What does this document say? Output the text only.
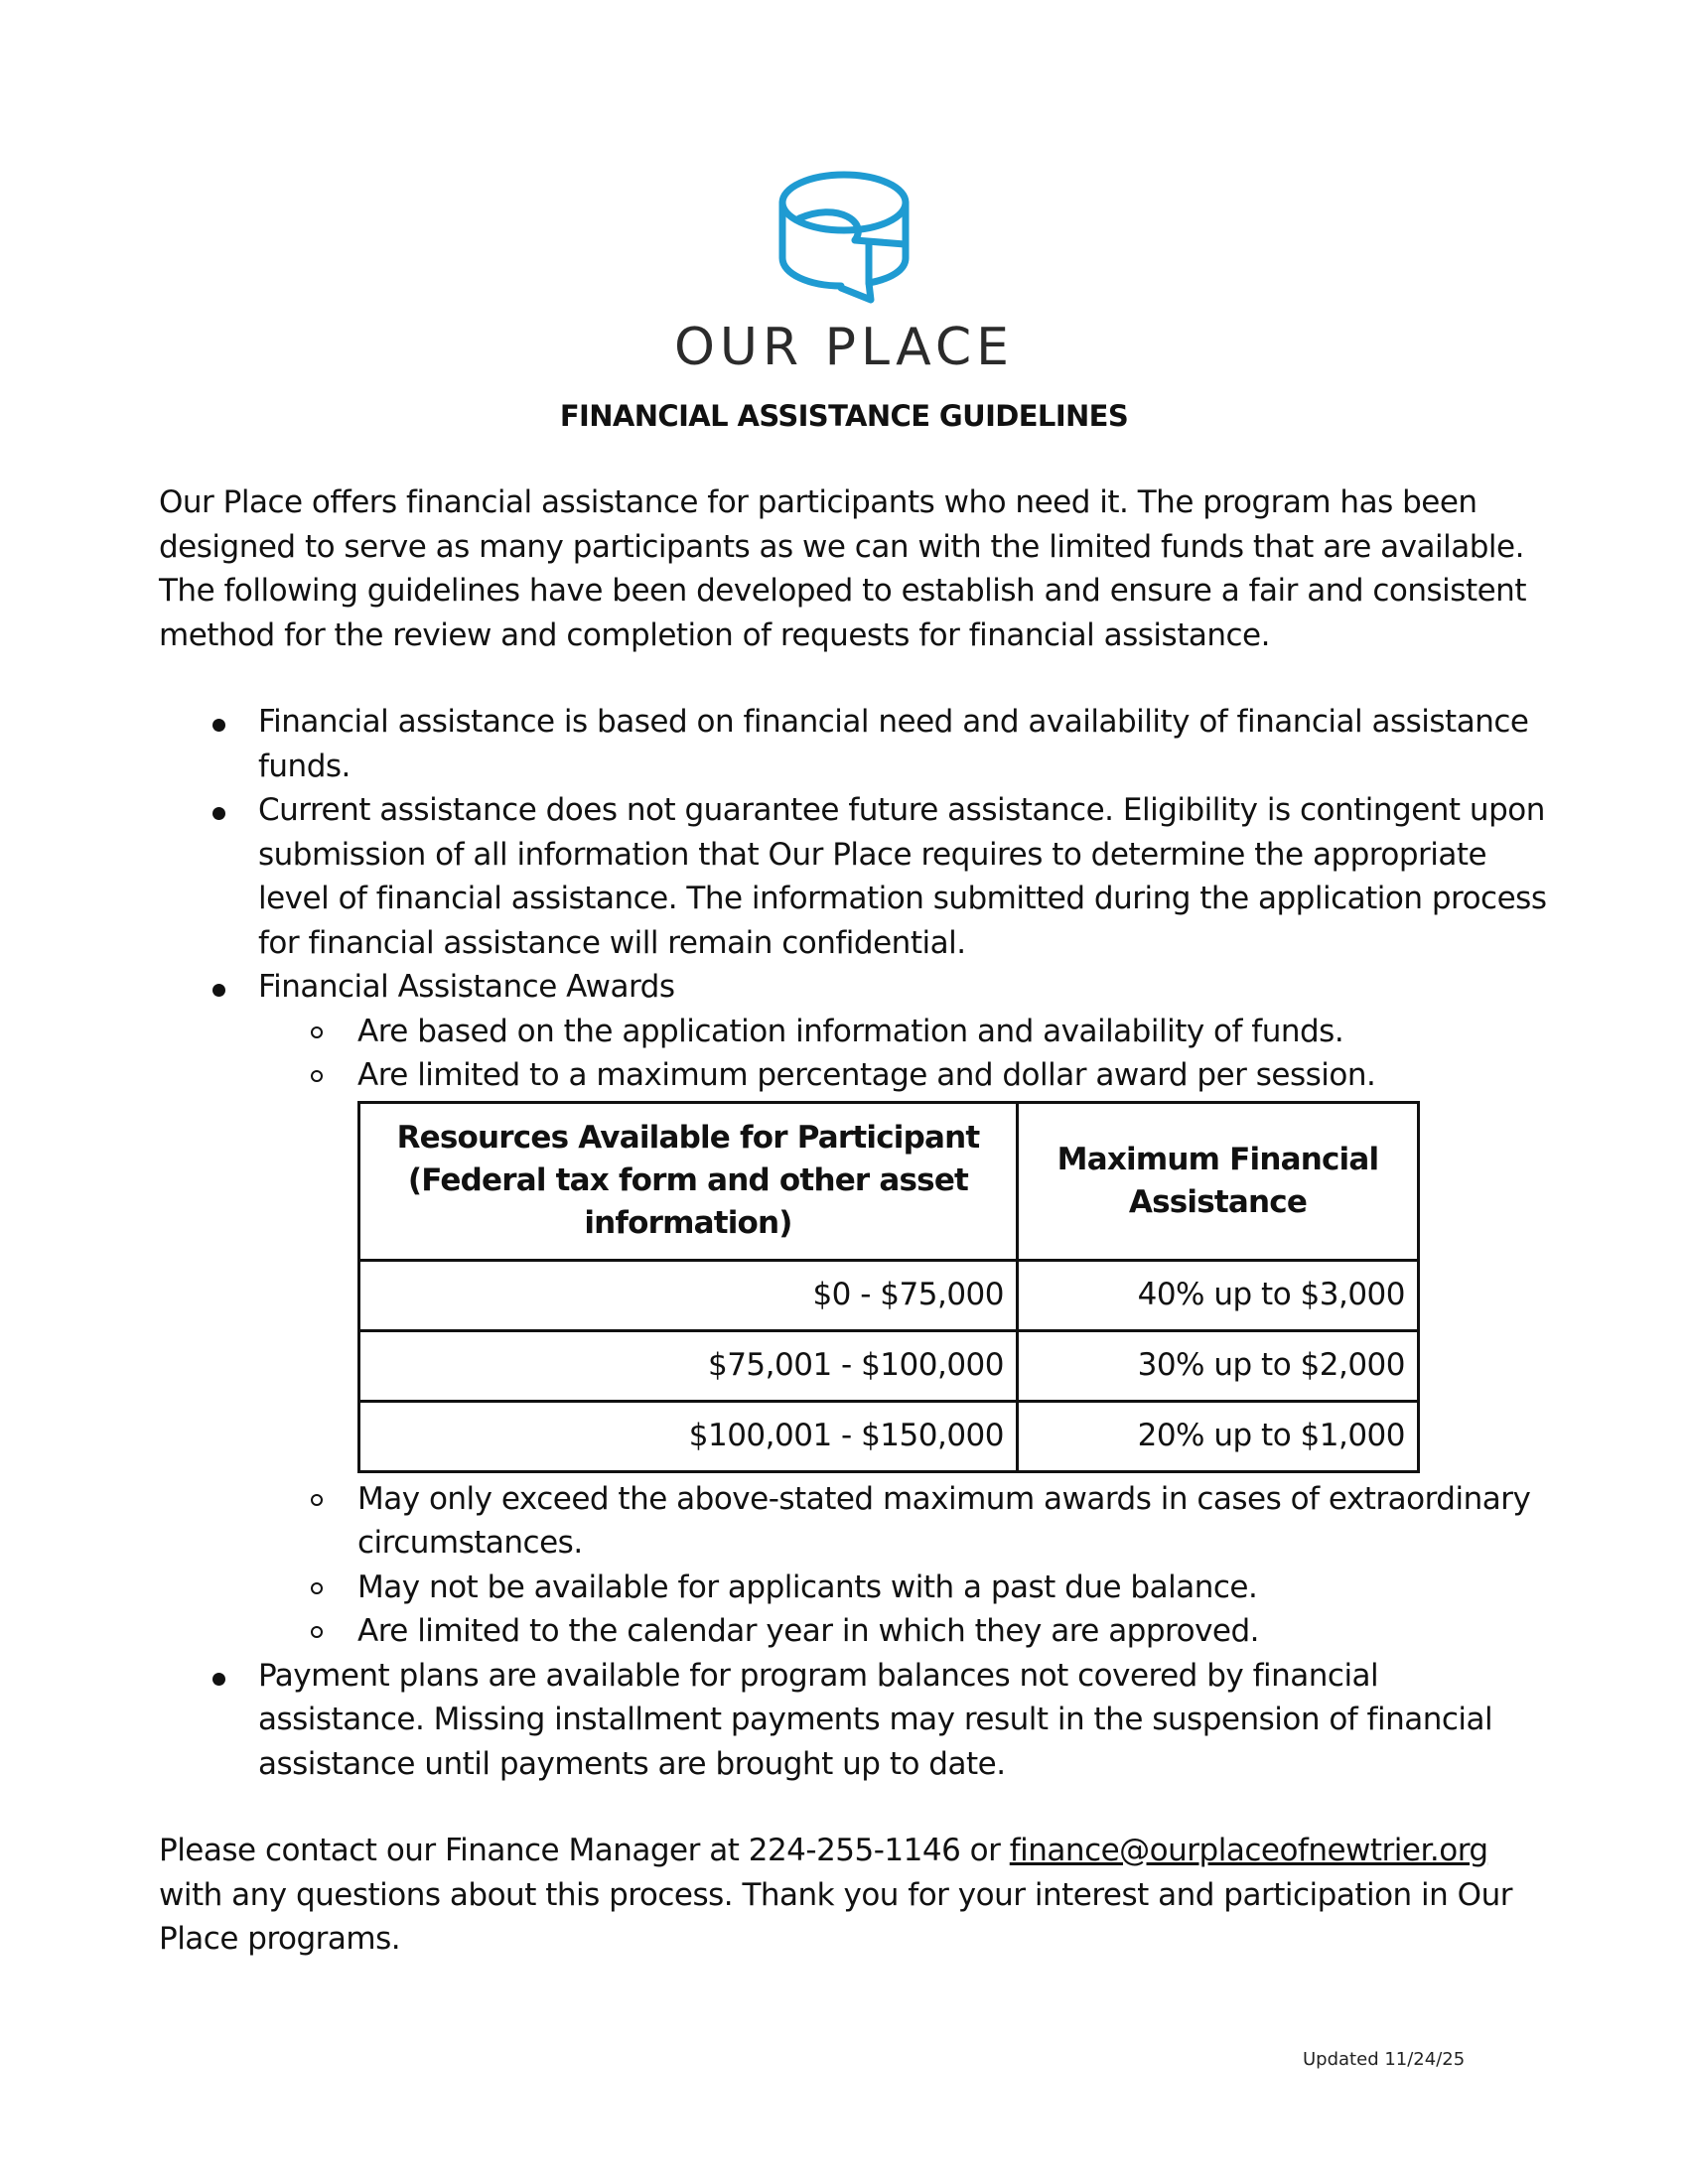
OUR PLACE
FINANCIAL ASSISTANCE GUIDELINES

Our Place offers financial assistance for participants who need it. The program has been designed to serve as many participants as we can with the limited funds that are available. The following guidelines have been developed to establish and ensure a fair and consistent method for the review and completion of requests for financial assistance.

Financial assistance is based on financial need and availability of financial assistance funds.
Current assistance does not guarantee future assistance. Eligibility is contingent upon submission of all information that Our Place requires to determine the appropriate level of financial assistance. The information submitted during the application process for financial assistance will remain confidential.
Financial Assistance Awards
Are based on the application information and availability of funds.
Are limited to a maximum percentage and dollar award per session.
Resources Available for Participant (Federal tax form and other asset information)	Maximum Financial Assistance
$0 - $75,000	40% up to $3,000
$75,001 - $100,000	30% up to $2,000
$100,001 - $150,000	20% up to $1,000
May only exceed the above-stated maximum awards in cases of extraordinary circumstances.
May not be available for applicants with a past due balance.
Are limited to the calendar year in which they are approved.
Payment plans are available for program balances not covered by financial assistance. Missing installment payments may result in the suspension of financial assistance until payments are brought up to date.

Please contact our Finance Manager at 224-255-1146 or finance@ourplaceofnewtrier.org with any questions about this process. Thank you for your interest and participation in Our Place programs.

Updated 11/24/25
